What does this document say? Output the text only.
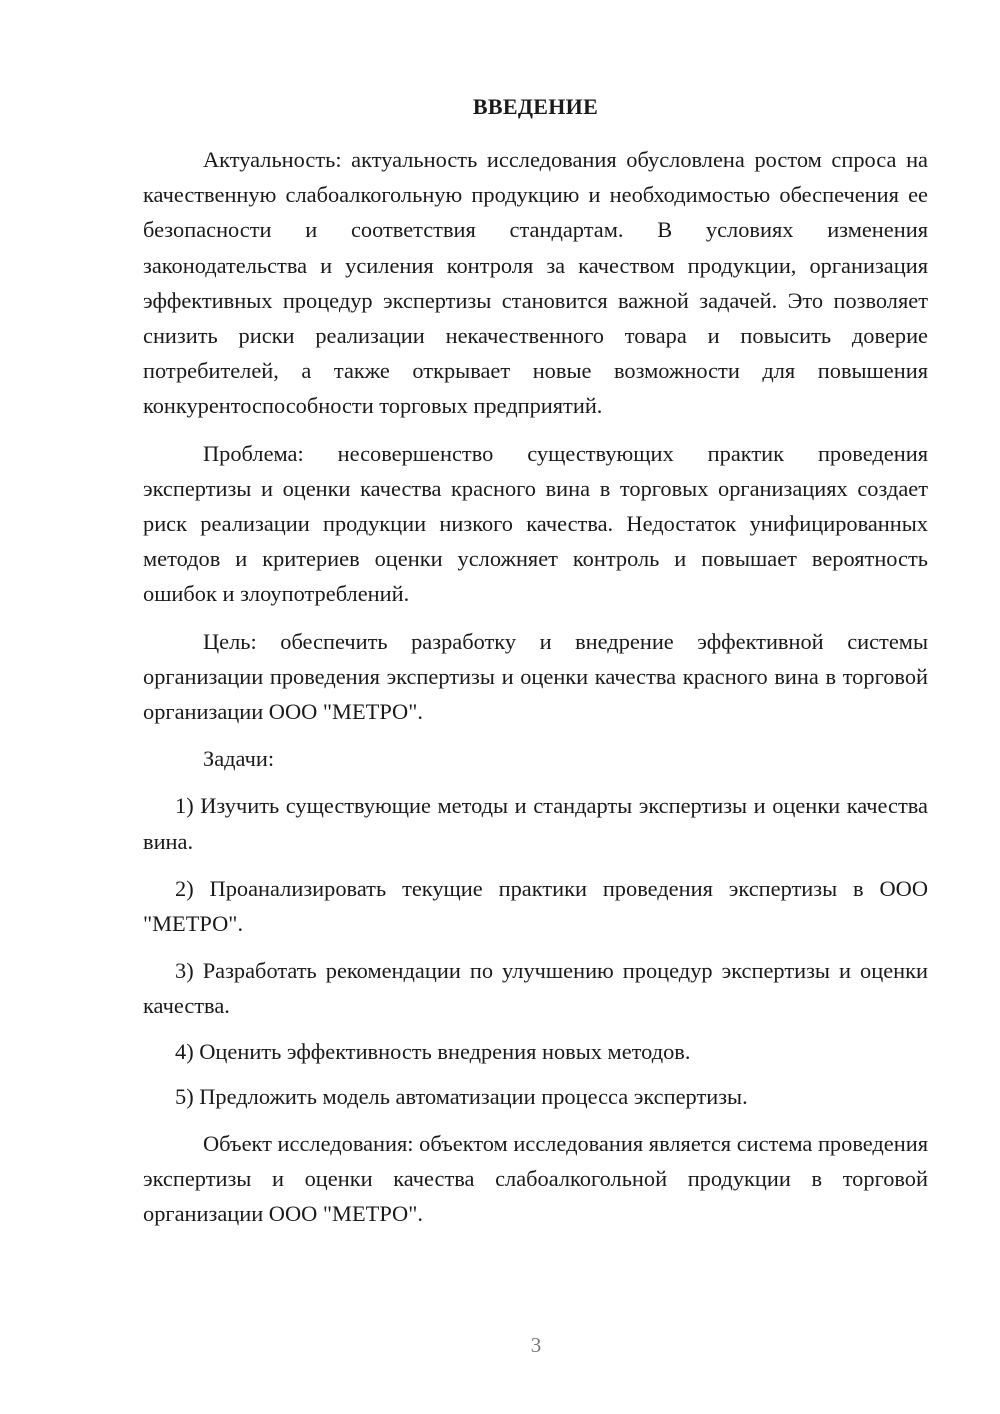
ВВЕДЕНИЕ

Актуальность: актуальность исследования обусловлена ростом спроса на качественную слабоалкогольную продукцию и необходимостью обеспечения ее безопасности и соответствия стандартам. В условиях изменения законодательства и усиления контроля за качеством продукции, организация эффективных процедур экспертизы становится важной задачей. Это позволяет снизить риски реализации некачественного товара и повысить доверие потребителей, а также открывает новые возможности для повышения конкурентоспособности торговых предприятий.

Проблема: несовершенство существующих практик проведения экспертизы и оценки качества красного вина в торговых организациях создает риск реализации продукции низкого качества. Недостаток унифицированных методов и критериев оценки усложняет контроль и повышает вероятность ошибок и злоупотреблений.

Цель: обеспечить разработку и внедрение эффективной системы организации проведения экспертизы и оценки качества красного вина в торговой организации ООО "МЕТРО".

Задачи:

1) Изучить существующие методы и стандарты экспертизы и оценки качества вина.

2) Проанализировать текущие практики проведения экспертизы в ООО "МЕТРО".

3) Разработать рекомендации по улучшению процедур экспертизы и оценки качества.

4) Оценить эффективность внедрения новых методов.

5) Предложить модель автоматизации процесса экспертизы.

Объект исследования: объектом исследования является система проведения экспертизы и оценки качества слабоалкогольной продукции в торговой организации ООО "МЕТРО".

3
